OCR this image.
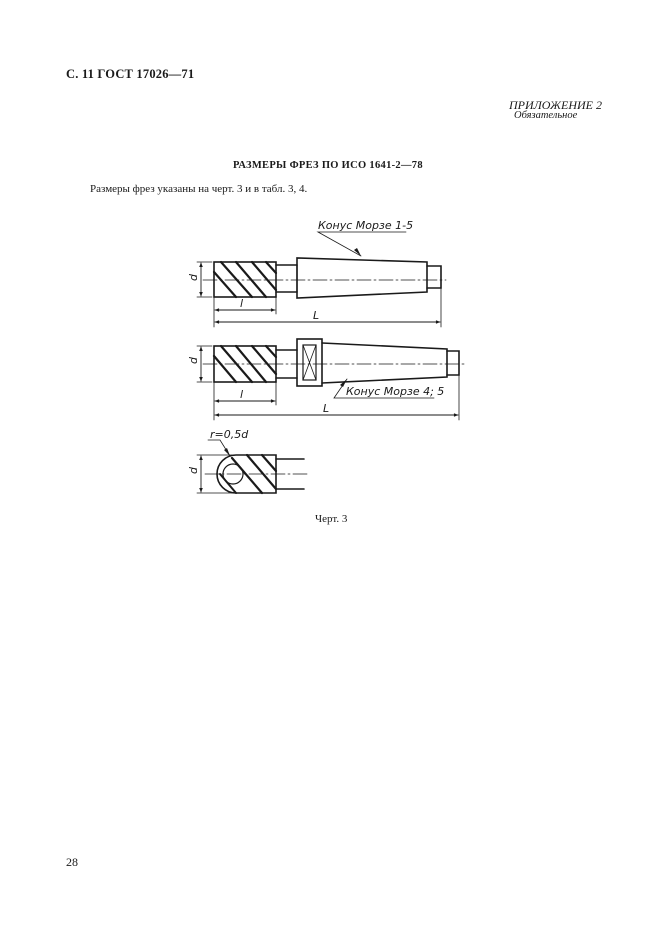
С. 11 ГОСТ 17026—71
ПРИЛОЖЕНИЕ 2
Обязательное
РАЗМЕРЫ ФРЕЗ ПО ИСО 1641-2—78
Размеры фрез указаны на черт. 3 и в табл. 3, 4.
d
l
L
Конус Морзе 1-5
d
l
L
Конус Морзе 4; 5
d
r=0,5d
Черт. 3
28
